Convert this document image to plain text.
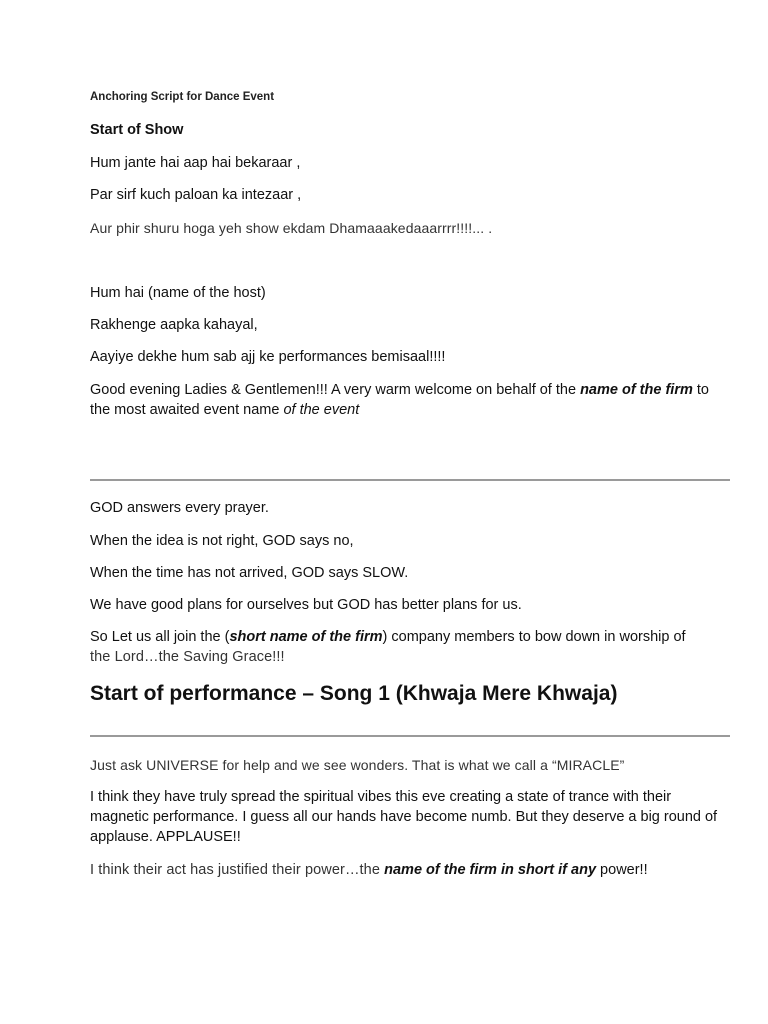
Anchoring Script for Dance Event

Start of Show

Hum jante hai aap hai bekaraar ,

Par sirf kuch paloan ka intezaar ,

Aur phir shuru hoga yeh show ekdam Dhamaaakedaaarrrr!!!!... .

Hum hai (name of the host)

Rakhenge aapka kahayal,

Aayiye dekhe hum sab ajj ke performances bemisaal!!!!

Good evening Ladies & Gentlemen!!! A very warm welcome on behalf of the name of the firm to the most awaited event name of the event

GOD answers every prayer.

When the idea is not right, GOD says no,

When the time has not arrived, GOD says SLOW.

We have good plans for ourselves but GOD has better plans for us.

So Let us all join the (short name of the firm) company members to bow down in worship of
the Lord…the Saving Grace!!!

Start of performance – Song 1 (Khwaja Mere Khwaja)

Just ask UNIVERSE for help and we see wonders. That is what we call a “MIRACLE”

I think they have truly spread the spiritual vibes this eve creating a state of trance with their magnetic performance. I guess all our hands have become numb. But they deserve a big round of applause. APPLAUSE!!

I think their act has justified their power…the name of the firm in short if any power!!
